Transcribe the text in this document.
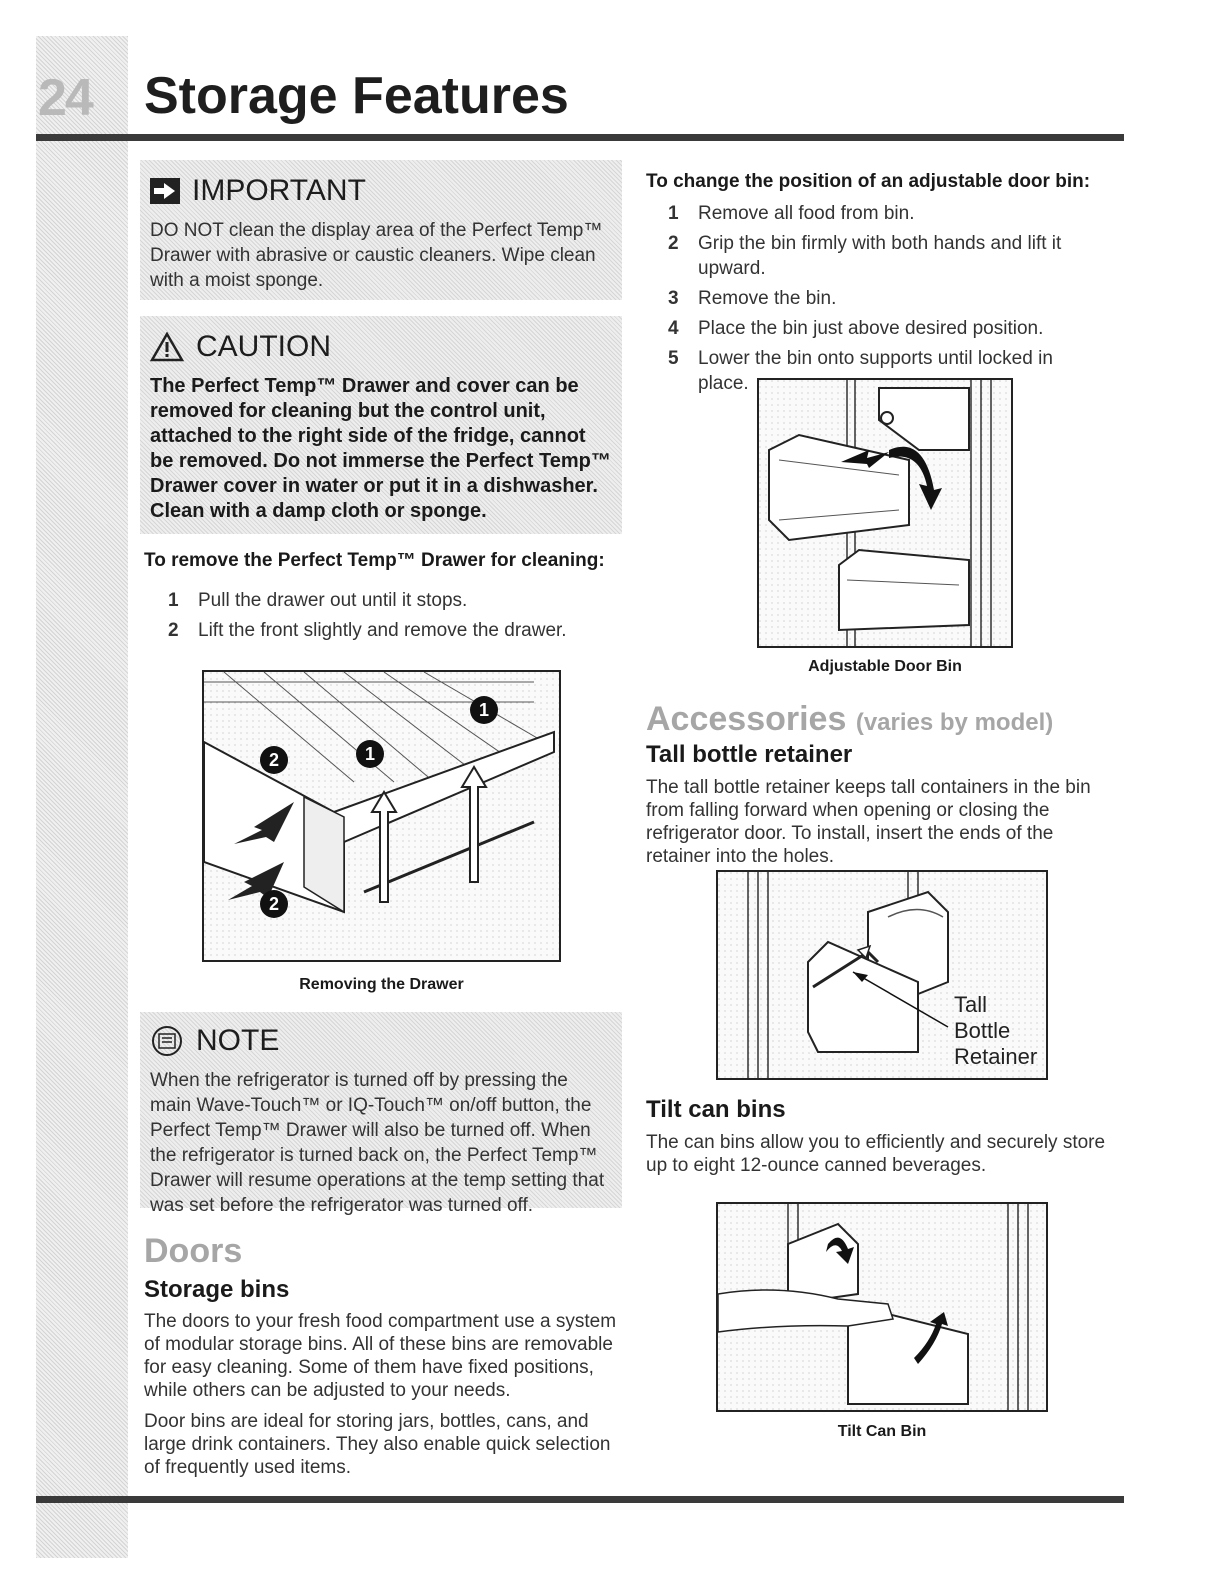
24 Storage Features
IMPORTANT
DO NOT clean the display area of the Perfect Temp™ Drawer with abrasive or caustic cleaners. Wipe clean with a moist sponge.
CAUTION
The Perfect Temp™ Drawer and cover can be removed for cleaning but the control unit, attached to the right side of the fridge, cannot be removed. Do not immerse the Perfect Temp™ Drawer cover in water or put it in a dishwasher. Clean with a damp cloth or sponge.
To remove the Perfect Temp™ Drawer for cleaning:
1	Pull the drawer out until it stops.
2	Lift the front slightly and remove the drawer.
2	1
1
2
Removing the Drawer
NOTE
When the refrigerator is turned off by pressing the main Wave-Touch™ or IQ-Touch™ on/off button, the Perfect Temp™ Drawer will also be turned off. When the refrigerator is turned back on, the Perfect Temp™ Drawer will resume operations at the temp setting that was set before the refrigerator was turned off.
Doors
Storage bins

The doors to your fresh food compartment use a system of modular storage bins. All of these bins are removable for easy cleaning. Some of them have fixed positions, while others can be adjusted to your needs.

Door bins are ideal for storing jars, bottles, cans, and large drink containers. They also enable quick selection of frequently used items.

To change the position of an adjustable door bin:
1	Remove all food from bin.
2	Grip the bin firmly with both hands and lift it upward.
3	Remove the bin.
4	Place the bin just above desired position.
5	Lower the bin onto supports until locked in place.
Adjustable Door Bin
Accessories (varies by model)
Tall bottle retainer

The tall bottle retainer keeps tall containers in the bin from falling forward when opening or closing the refrigerator door. To install, insert the ends of the retainer into the holes.

Tall
Bottle
Retainer
Tilt can bins

The can bins allow you to efficiently and securely store up to eight 12-ounce canned beverages.

Tilt Can Bin
